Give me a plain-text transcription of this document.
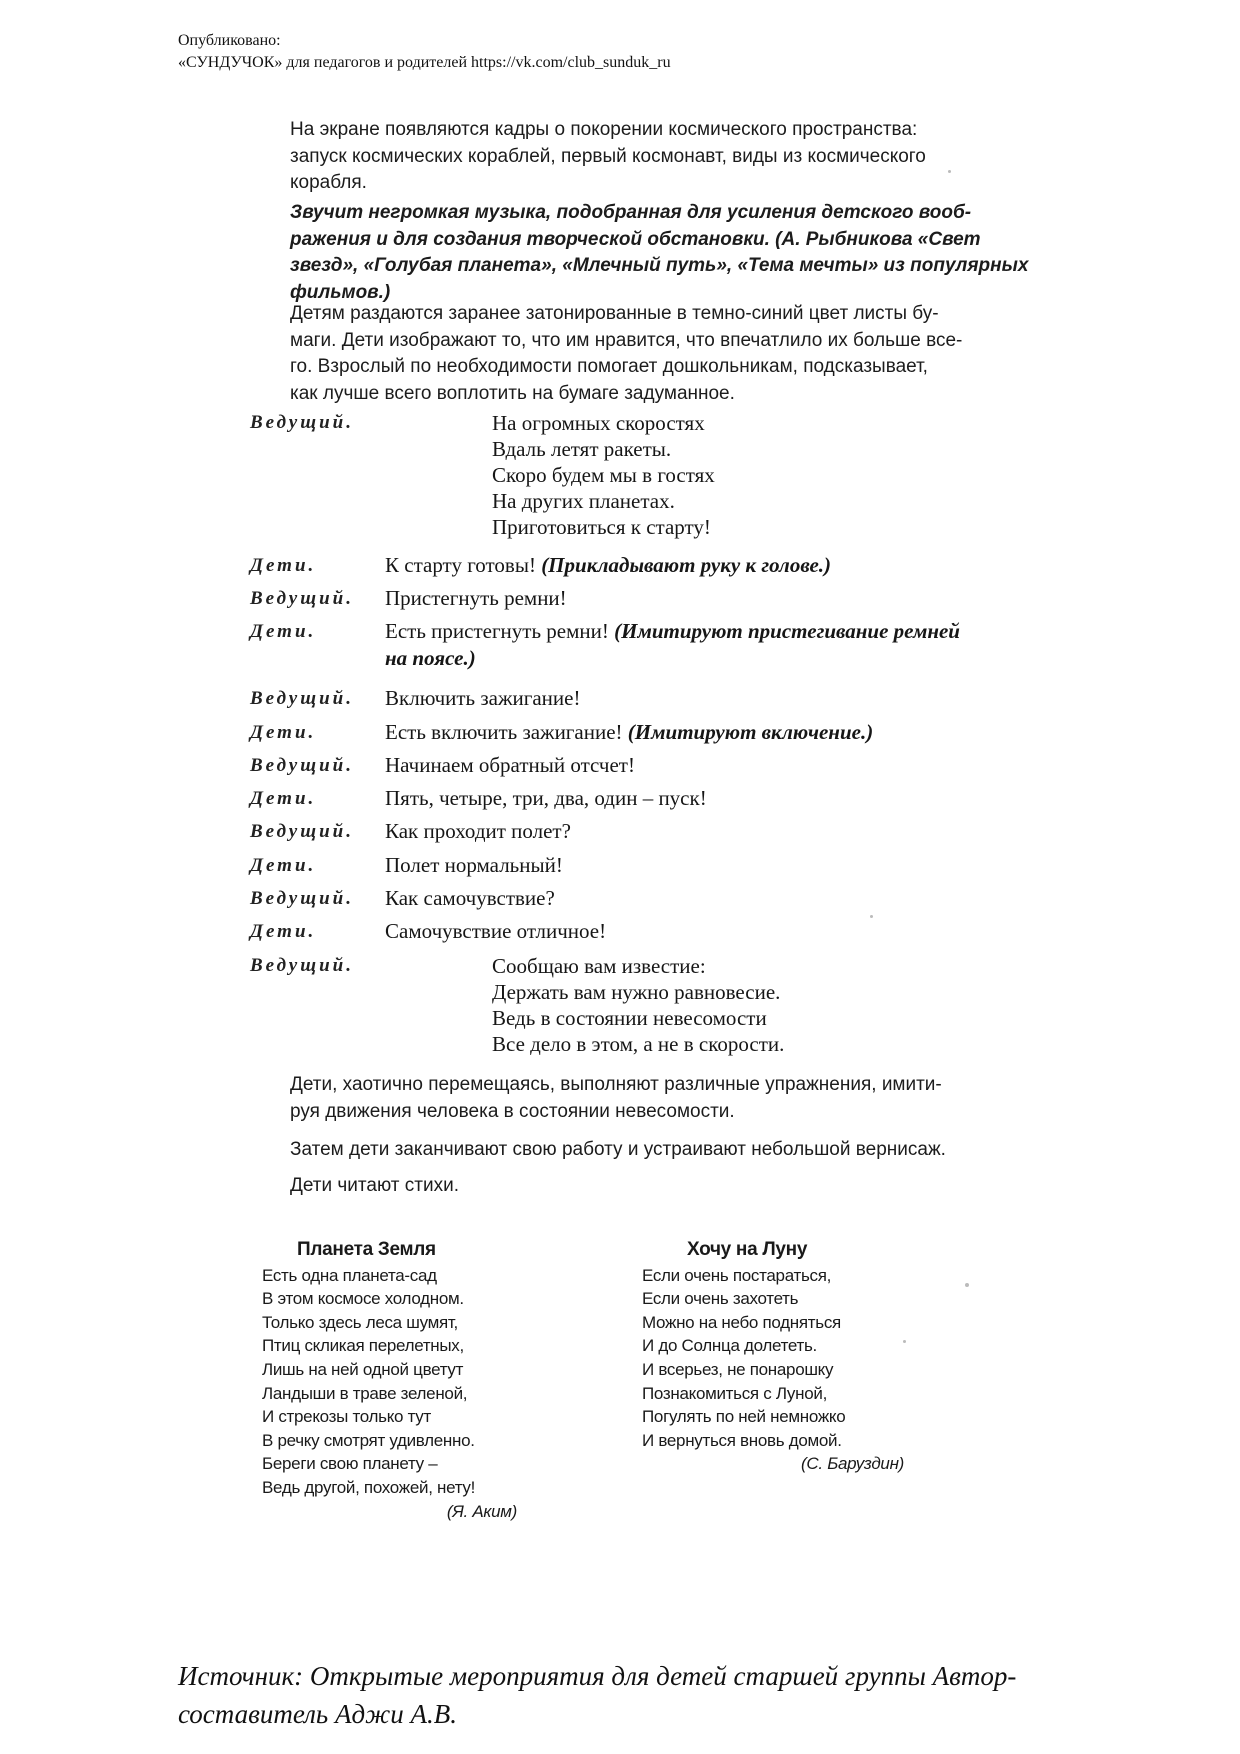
Опубликовано:
«СУНДУЧОК» для педагогов и родителей https://vk.com/club_sunduk_ru

На экране появляются кадры о покорении космического пространства:

запуск космических кораблей, первый космонавт, виды из космического

корабля.

Звучит негромкая музыка, подобранная для усиления детского вооб-

ражения и для создания творческой обстановки. (А. Рыбникова «Свет

звезд», «Голубая планета», «Млечный путь», «Тема мечты» из популярных

фильмов.)

Детям раздаются заранее затонированные в темно-синий цвет листы бу-

маги. Дети изображают то, что им нравится, что впечатлило их больше все-

го. Взрослый по необходимости помогает дошкольникам, подсказывает,

как лучше всего воплотить на бумаге задуманное.

Ведущий.	На огромных скоростях
Вдаль летят ракеты.
Скоро будем мы в гостях
На других планетах.
Приготовиться к старту!
Дети.	К старту готовы! (Прикладывают руку к голове.)
Ведущий. Пристегнуть ремни!
Дети.	Есть пристегнуть ремни! (Имитируют пристегивание ремней
на поясе.)
Ведущий. Включить зажигание!
Дети.	Есть включить зажигание! (Имитируют включение.)
Ведущий. Начинаем обратный отсчет!
Дети.	Пять, четыре, три, два, один – пуск!
Ведущий. Как проходит полет?
Дети.	Полет нормальный!
Ведущий. Как самочувствие?
Дети.	Самочувствие отличное!
Ведущий.	Сообщаю вам известие:
Держать вам нужно равновесие.
Ведь в состоянии невесомости
Все дело в этом, а не в скорости.

Дети, хаотично перемещаясь, выполняют различные упражнения, имити-

руя движения человека в состоянии невесомости.

Затем дети заканчивают свою работу и устраивают небольшой вернисаж.
Дети читают стихи.
Планета Земля
Есть одна планета-сад
В этом космосе холодном.
Только здесь леса шумят,
Птиц скликая перелетных,
Лишь на ней одной цветут
Ландыши в траве зеленой,
И стрекозы только тут
В речку смотрят удивленно.
Береги свою планету –
Ведь другой, похожей, нету!
(Я. Аким)
Хочу на Луну
Если очень постараться,
Если очень захотеть
Можно на небо подняться
И до Солнца долететь.
И всерьез, не понарошку
Познакомиться с Луной,
Погулять по ней немножко
И вернуться вновь домой.
(С. Баруздин)
Источник: Открытые мероприятия для детей старшей группы Автор-
составитель Аджи А.В.
